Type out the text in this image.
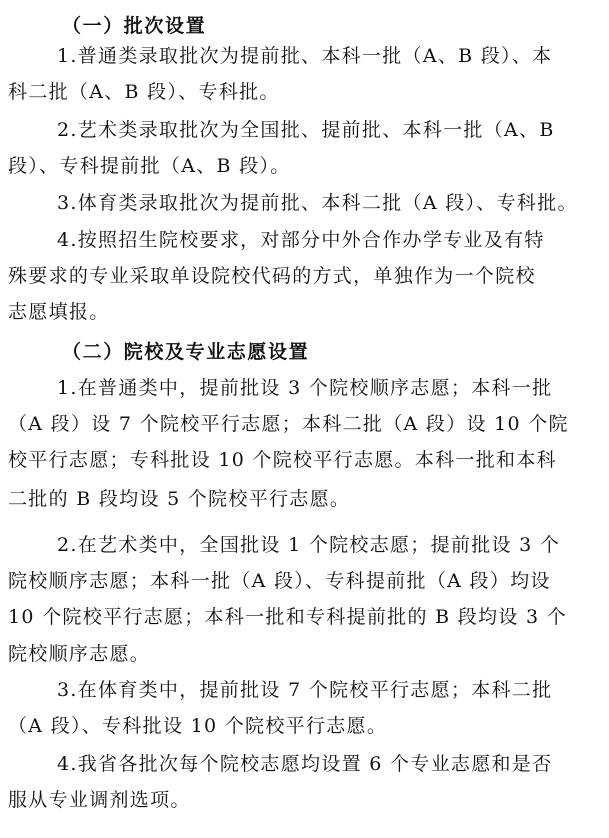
（一）批次设置
1.普通类录取批次为提前批、本科一批（A、B 段）、本
科二批（A、B 段）、专科批。
2.艺术类录取批次为全国批、提前批、本科一批（A、B
段）、专科提前批（A、B 段）。
3.体育类录取批次为提前批、本科二批（A 段）、专科批。
4.按照招生院校要求，对部分中外合作办学专业及有特
殊要求的专业采取单设院校代码的方式，单独作为一个院校
志愿填报。
（二）院校及专业志愿设置
1.在普通类中，提前批设 3 个院校顺序志愿；本科一批
（A 段）设 7 个院校平行志愿；本科二批（A 段）设 10 个院
校平行志愿；专科批设 10 个院校平行志愿。本科一批和本科
二批的 B 段均设 5 个院校平行志愿。
2.在艺术类中，全国批设 1 个院校志愿；提前批设 3 个
院校顺序志愿；本科一批（A 段）、专科提前批（A 段）均设
10 个院校平行志愿；本科一批和专科提前批的 B 段均设 3 个
院校顺序志愿。
3.在体育类中，提前批设 7 个院校平行志愿；本科二批
（A 段）、专科批设 10 个院校平行志愿。
4.我省各批次每个院校志愿均设置 6 个专业志愿和是否
服从专业调剂选项。
